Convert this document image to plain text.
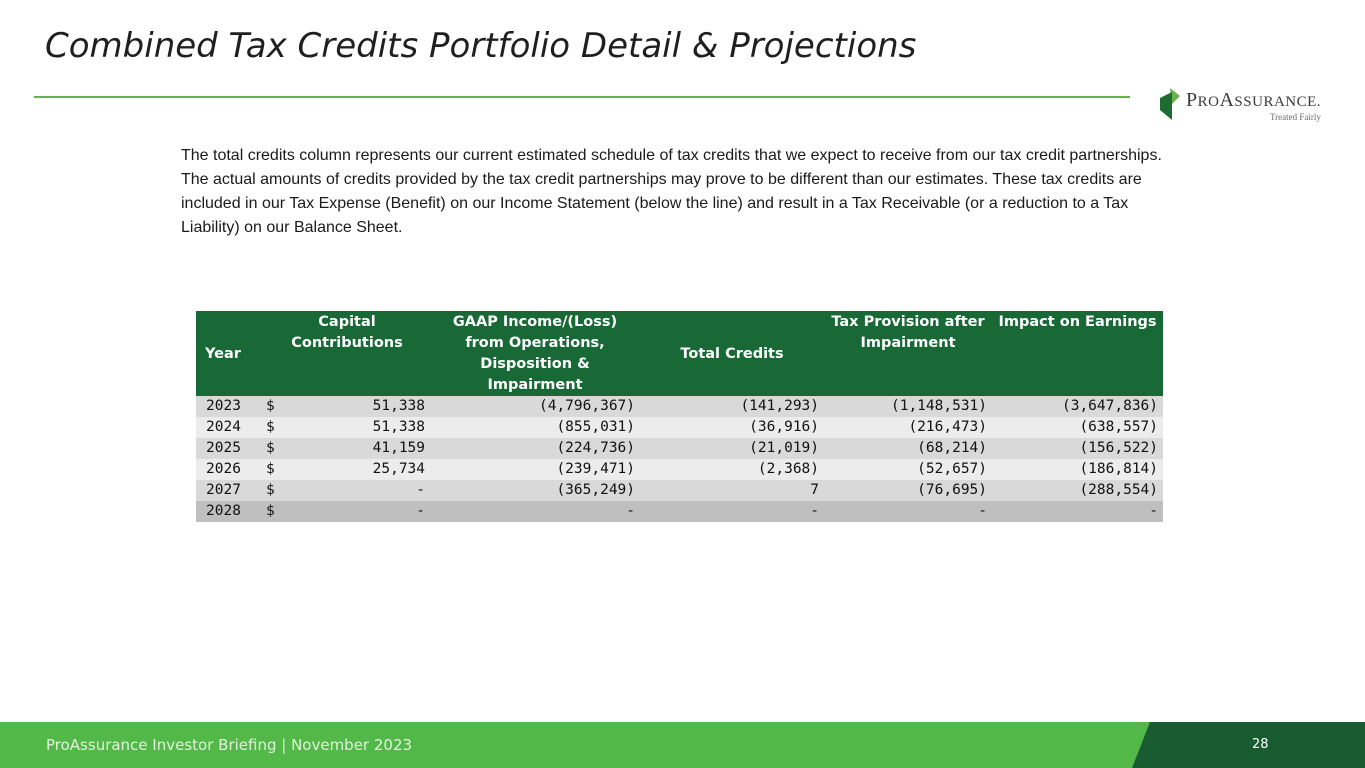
Combined Tax Credits Portfolio Detail & Projections
PROASSURANCE.
Treated Fairly

The total credits column represents our current estimated schedule of tax credits that we expect to receive from our tax credit partnerships. The actual amounts of credits provided by the tax credit partnerships may prove to be different than our estimates. These tax credits are included in our Tax Expense (Benefit) on our Income Statement (below the line) and result in a Tax Receivable (or a reduction to a Tax Liability) on our Balance Sheet.

Year	Capital Contributions		GAAP Income/(Loss) from Operations, Disposition & Impairment	Total Credits	Tax Provision after Impairment	Impact on Earnings
2023	$	51,338	(4,796,367)	(141,293)	(1,148,531)	(3,647,836)
2024	$	51,338	(855,031)	(36,916)	(216,473)	(638,557)
2025	$	41,159	(224,736)	(21,019)	(68,214)	(156,522)
2026	$	25,734	(239,471)	(2,368)	(52,657)	(186,814)
2027	$	-	(365,249)	7	(76,695)	(288,554)
2028	$	-	-	-	-	-
ProAssurance Investor Briefing | November 2023	28
